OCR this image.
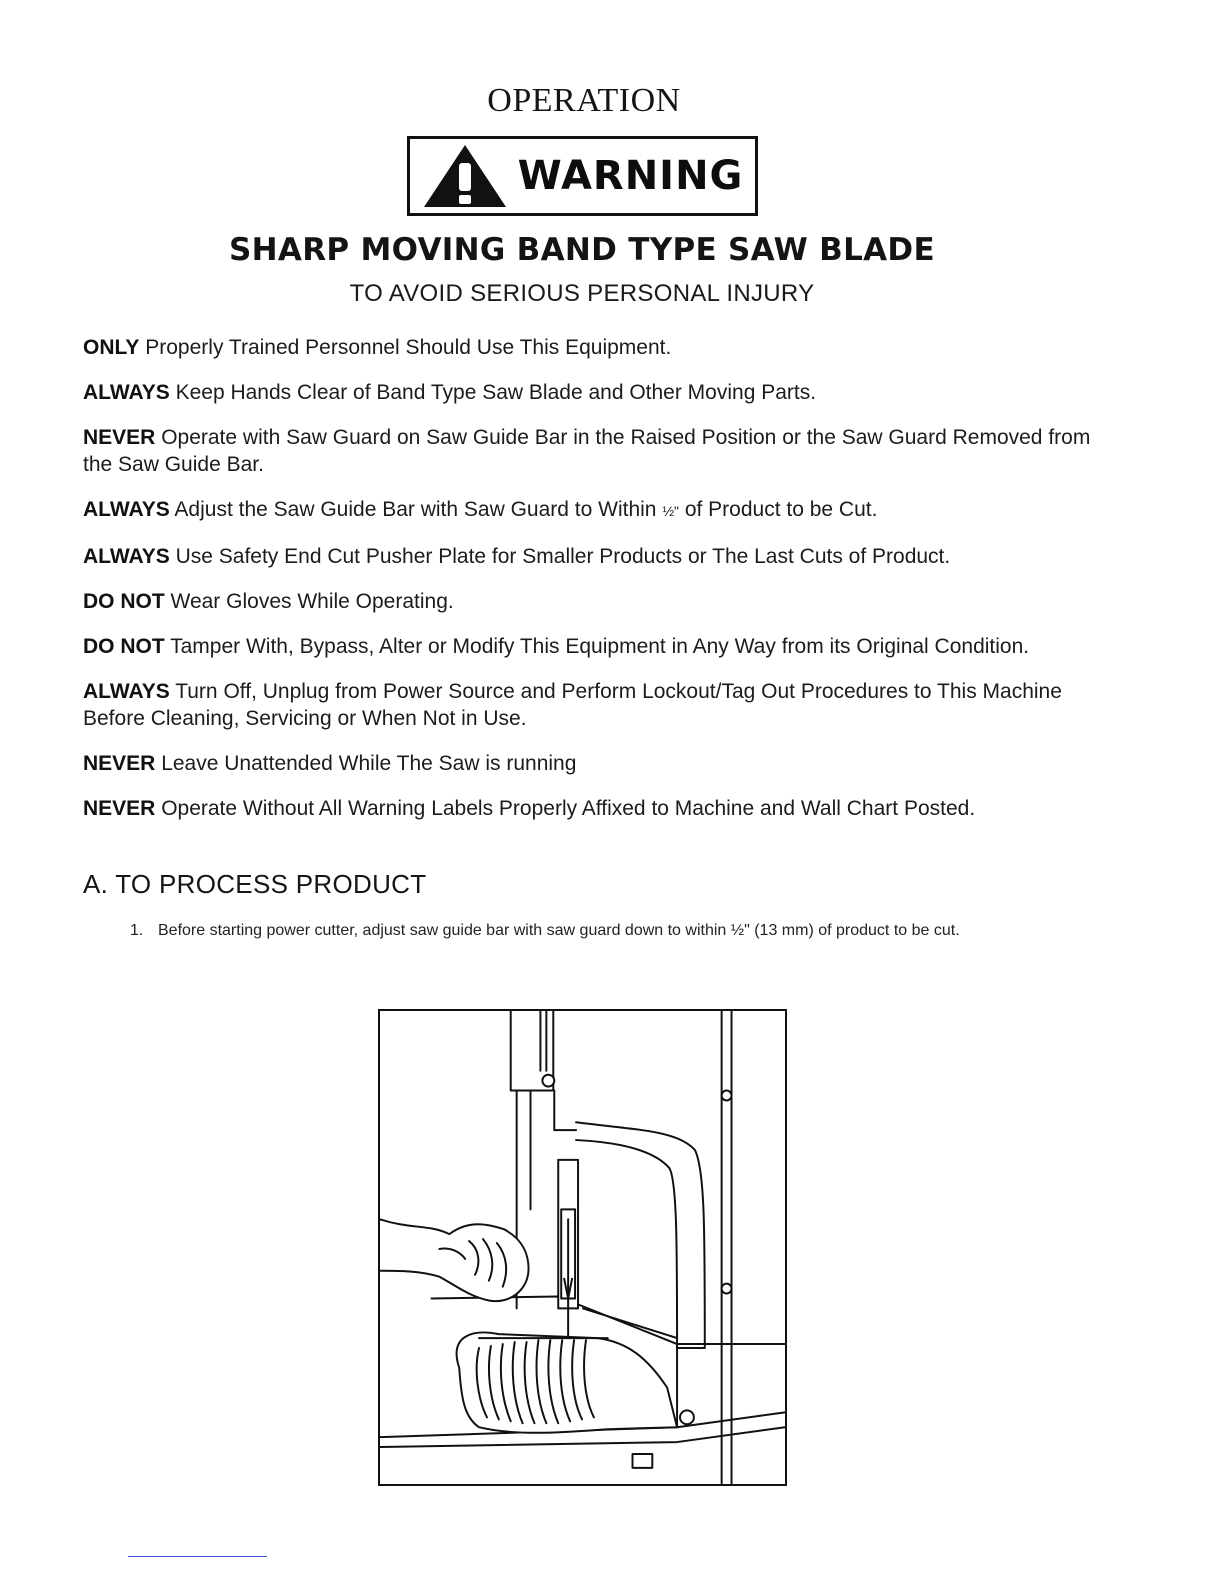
OPERATION
WARNING
SHARP MOVING BAND TYPE SAW BLADE
TO AVOID SERIOUS PERSONAL INJURY

ONLY Properly Trained Personnel Should Use This Equipment.

ALWAYS Keep Hands Clear of Band Type Saw Blade and Other Moving Parts.

NEVER Operate with Saw Guard on Saw Guide Bar in the Raised Position or the Saw Guard Removed from the Saw Guide Bar.

ALWAYS Adjust the Saw Guide Bar with Saw Guard to Within ½" of Product to be Cut.

ALWAYS Use Safety End Cut Pusher Plate for Smaller Products or The Last Cuts of Product.

DO NOT Wear Gloves While Operating.

DO NOT Tamper With, Bypass, Alter or Modify This Equipment in Any Way from its Original Condition.

ALWAYS Turn Off, Unplug from Power Source and Perform Lockout/Tag Out Procedures to This Machine Before Cleaning, Servicing or When Not in Use.

NEVER Leave Unattended While The Saw is running

NEVER Operate Without All Warning Labels Properly Affixed to Machine and Wall Chart Posted.

A. TO PROCESS PRODUCT
1. Before starting power cutter, adjust saw guide bar with saw guard down to within ½" (13 mm) of product to be cut.
